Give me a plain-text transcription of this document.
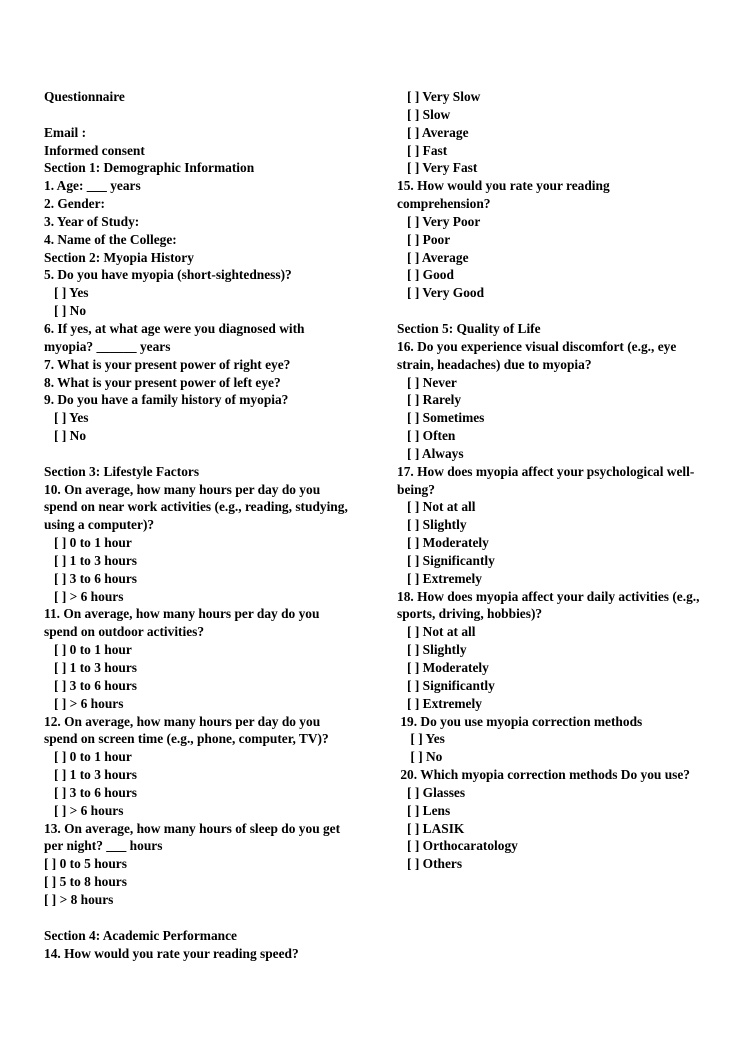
Questionnaire
Email :
Informed consent
Section 1: Demographic Information
1. Age: ___ years
2. Gender:
3. Year of Study:
4. Name of the College:
Section 2: Myopia History
5. Do you have myopia (short-sightedness)?
[ ] Yes
[ ] No
6. If yes, at what age were you diagnosed with
myopia? ______ years
7. What is your present power of right eye?
8. What is your present power of left eye?
9. Do you have a family history of myopia?
[ ] Yes
[ ] No
Section 3: Lifestyle Factors
10. On average, how many hours per day do you
spend on near work activities (e.g., reading, studying,
using a computer)?
[ ] 0 to 1 hour
[ ] 1 to 3 hours
[ ] 3 to 6 hours
[ ] > 6 hours
11. On average, how many hours per day do you
spend on outdoor activities?
[ ] 0 to 1 hour
[ ] 1 to 3 hours
[ ] 3 to 6 hours
[ ] > 6 hours
12. On average, how many hours per day do you
spend on screen time (e.g., phone, computer, TV)?
[ ] 0 to 1 hour
[ ] 1 to 3 hours
[ ] 3 to 6 hours
[ ] > 6 hours
13. On average, how many hours of sleep do you get
per night? ___ hours
[ ] 0 to 5 hours
[ ] 5 to 8 hours
[ ] > 8 hours
Section 4: Academic Performance
14. How would you rate your reading speed?
[ ] Very Slow
[ ] Slow
[ ] Average
[ ] Fast
[ ] Very Fast
15. How would you rate your reading
comprehension?
[ ] Very Poor
[ ] Poor
[ ] Average
[ ] Good
[ ] Very Good
Section 5: Quality of Life
16. Do you experience visual discomfort (e.g., eye
strain, headaches) due to myopia?
[ ] Never
[ ] Rarely
[ ] Sometimes
[ ] Often
[ ] Always
17. How does myopia affect your psychological well-
being?
[ ] Not at all
[ ] Slightly
[ ] Moderately
[ ] Significantly
[ ] Extremely
18. How does myopia affect your daily activities (e.g.,
sports, driving, hobbies)?
[ ] Not at all
[ ] Slightly
[ ] Moderately
[ ] Significantly
[ ] Extremely
19. Do you use myopia correction methods
[ ] Yes
[ ] No
20. Which myopia correction methods Do you use?
[ ] Glasses
[ ] Lens
[ ] LASIK
[ ] Orthocaratology
[ ] Others
